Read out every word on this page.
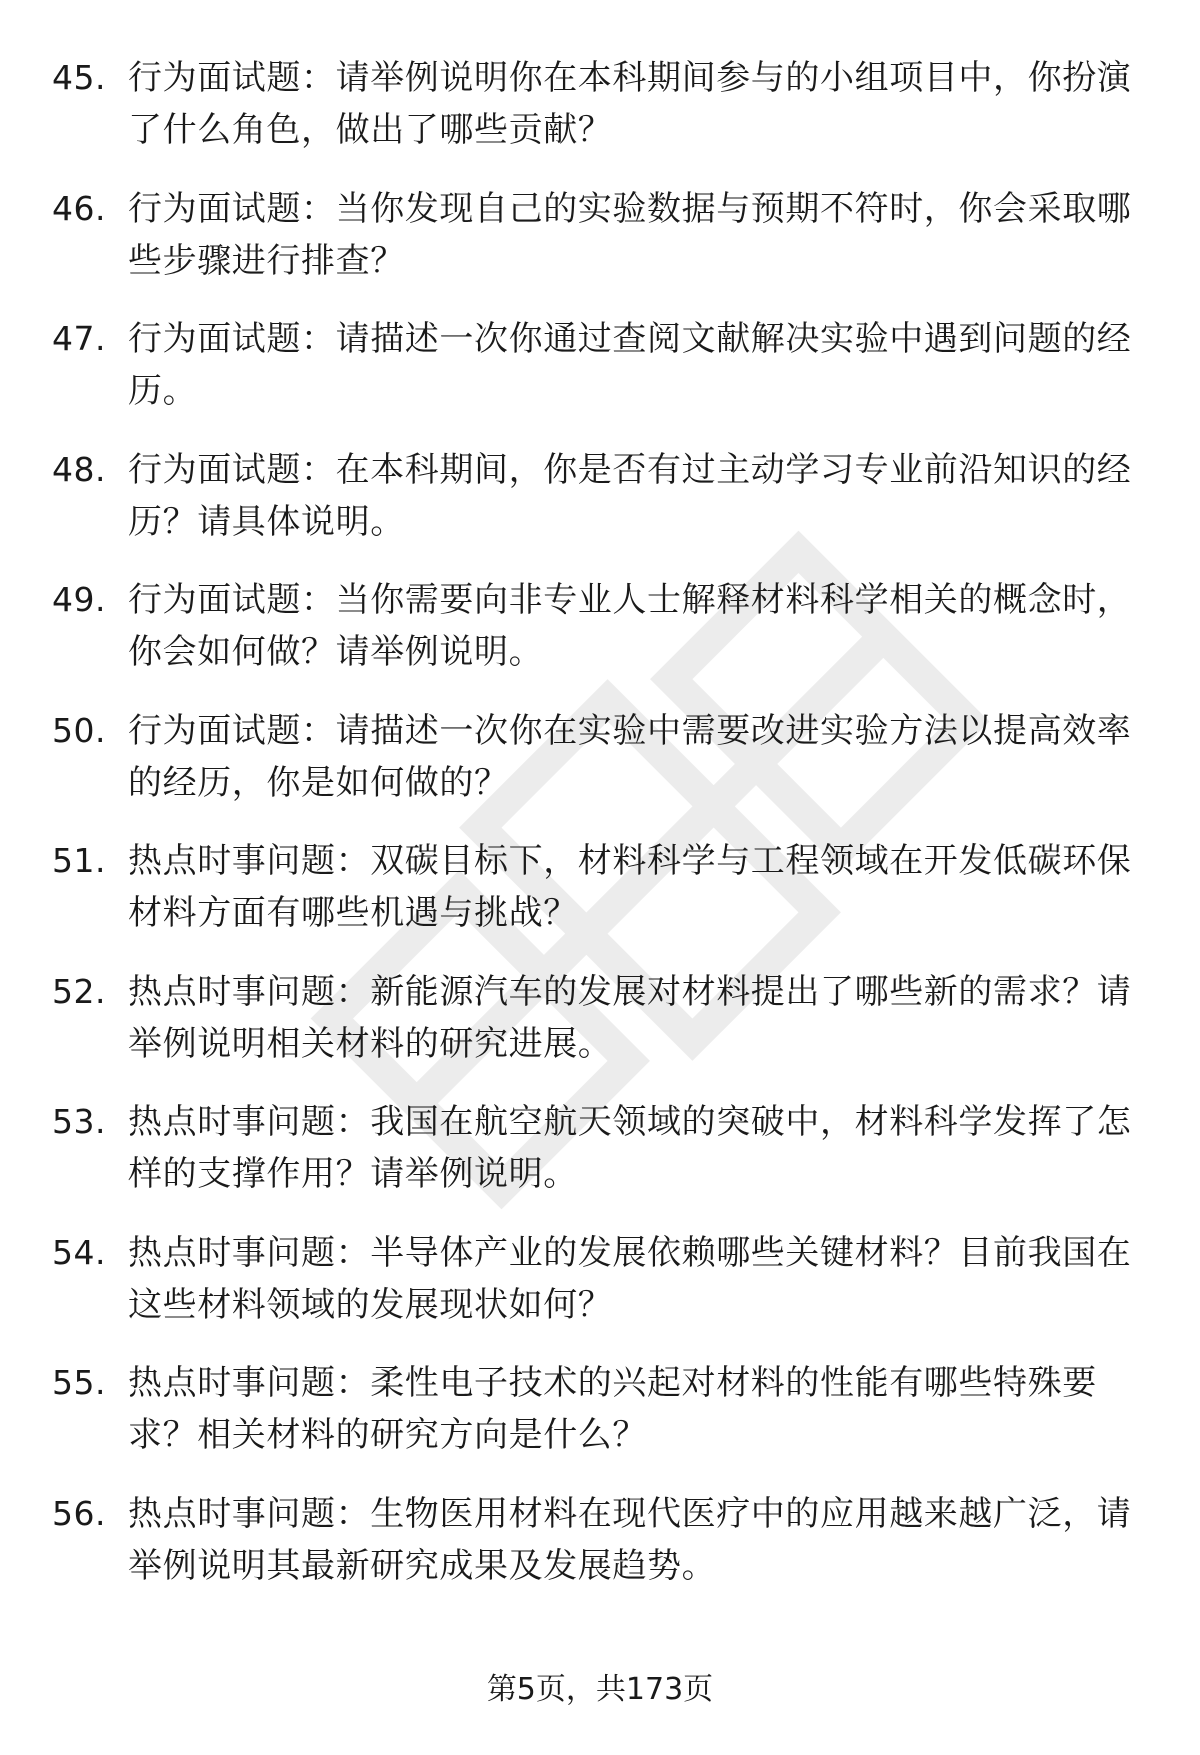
45. 行为面试题：请举例说明你在本科期间参与的小组项目中，你扮演了什么角色，做出了哪些贡献？

46. 行为面试题：当你发现自己的实验数据与预期不符时，你会采取哪些步骤进行排查？

47. 行为面试题：请描述一次你通过查阅文献解决实验中遇到问题的经历。

48. 行为面试题：在本科期间，你是否有过主动学习专业前沿知识的经历？请具体说明。

49. 行为面试题：当你需要向非专业人士解释材料科学相关的概念时，你会如何做？请举例说明。

50. 行为面试题：请描述一次你在实验中需要改进实验方法以提高效率的经历，你是如何做的？

51. 热点时事问题：双碳目标下，材料科学与工程领域在开发低碳环保材料方面有哪些机遇与挑战？

52. 热点时事问题：新能源汽车的发展对材料提出了哪些新的需求？请举例说明相关材料的研究进展。

53. 热点时事问题：我国在航空航天领域的突破中，材料科学发挥了怎样的支撑作用？请举例说明。

54. 热点时事问题：半导体产业的发展依赖哪些关键材料？目前我国在这些材料领域的发展现状如何？

55. 热点时事问题：柔性电子技术的兴起对材料的性能有哪些特殊要求？相关材料的研究方向是什么？

56. 热点时事问题：生物医用材料在现代医疗中的应用越来越广泛，请举例说明其最新研究成果及发展趋势。

第5页，共173页
